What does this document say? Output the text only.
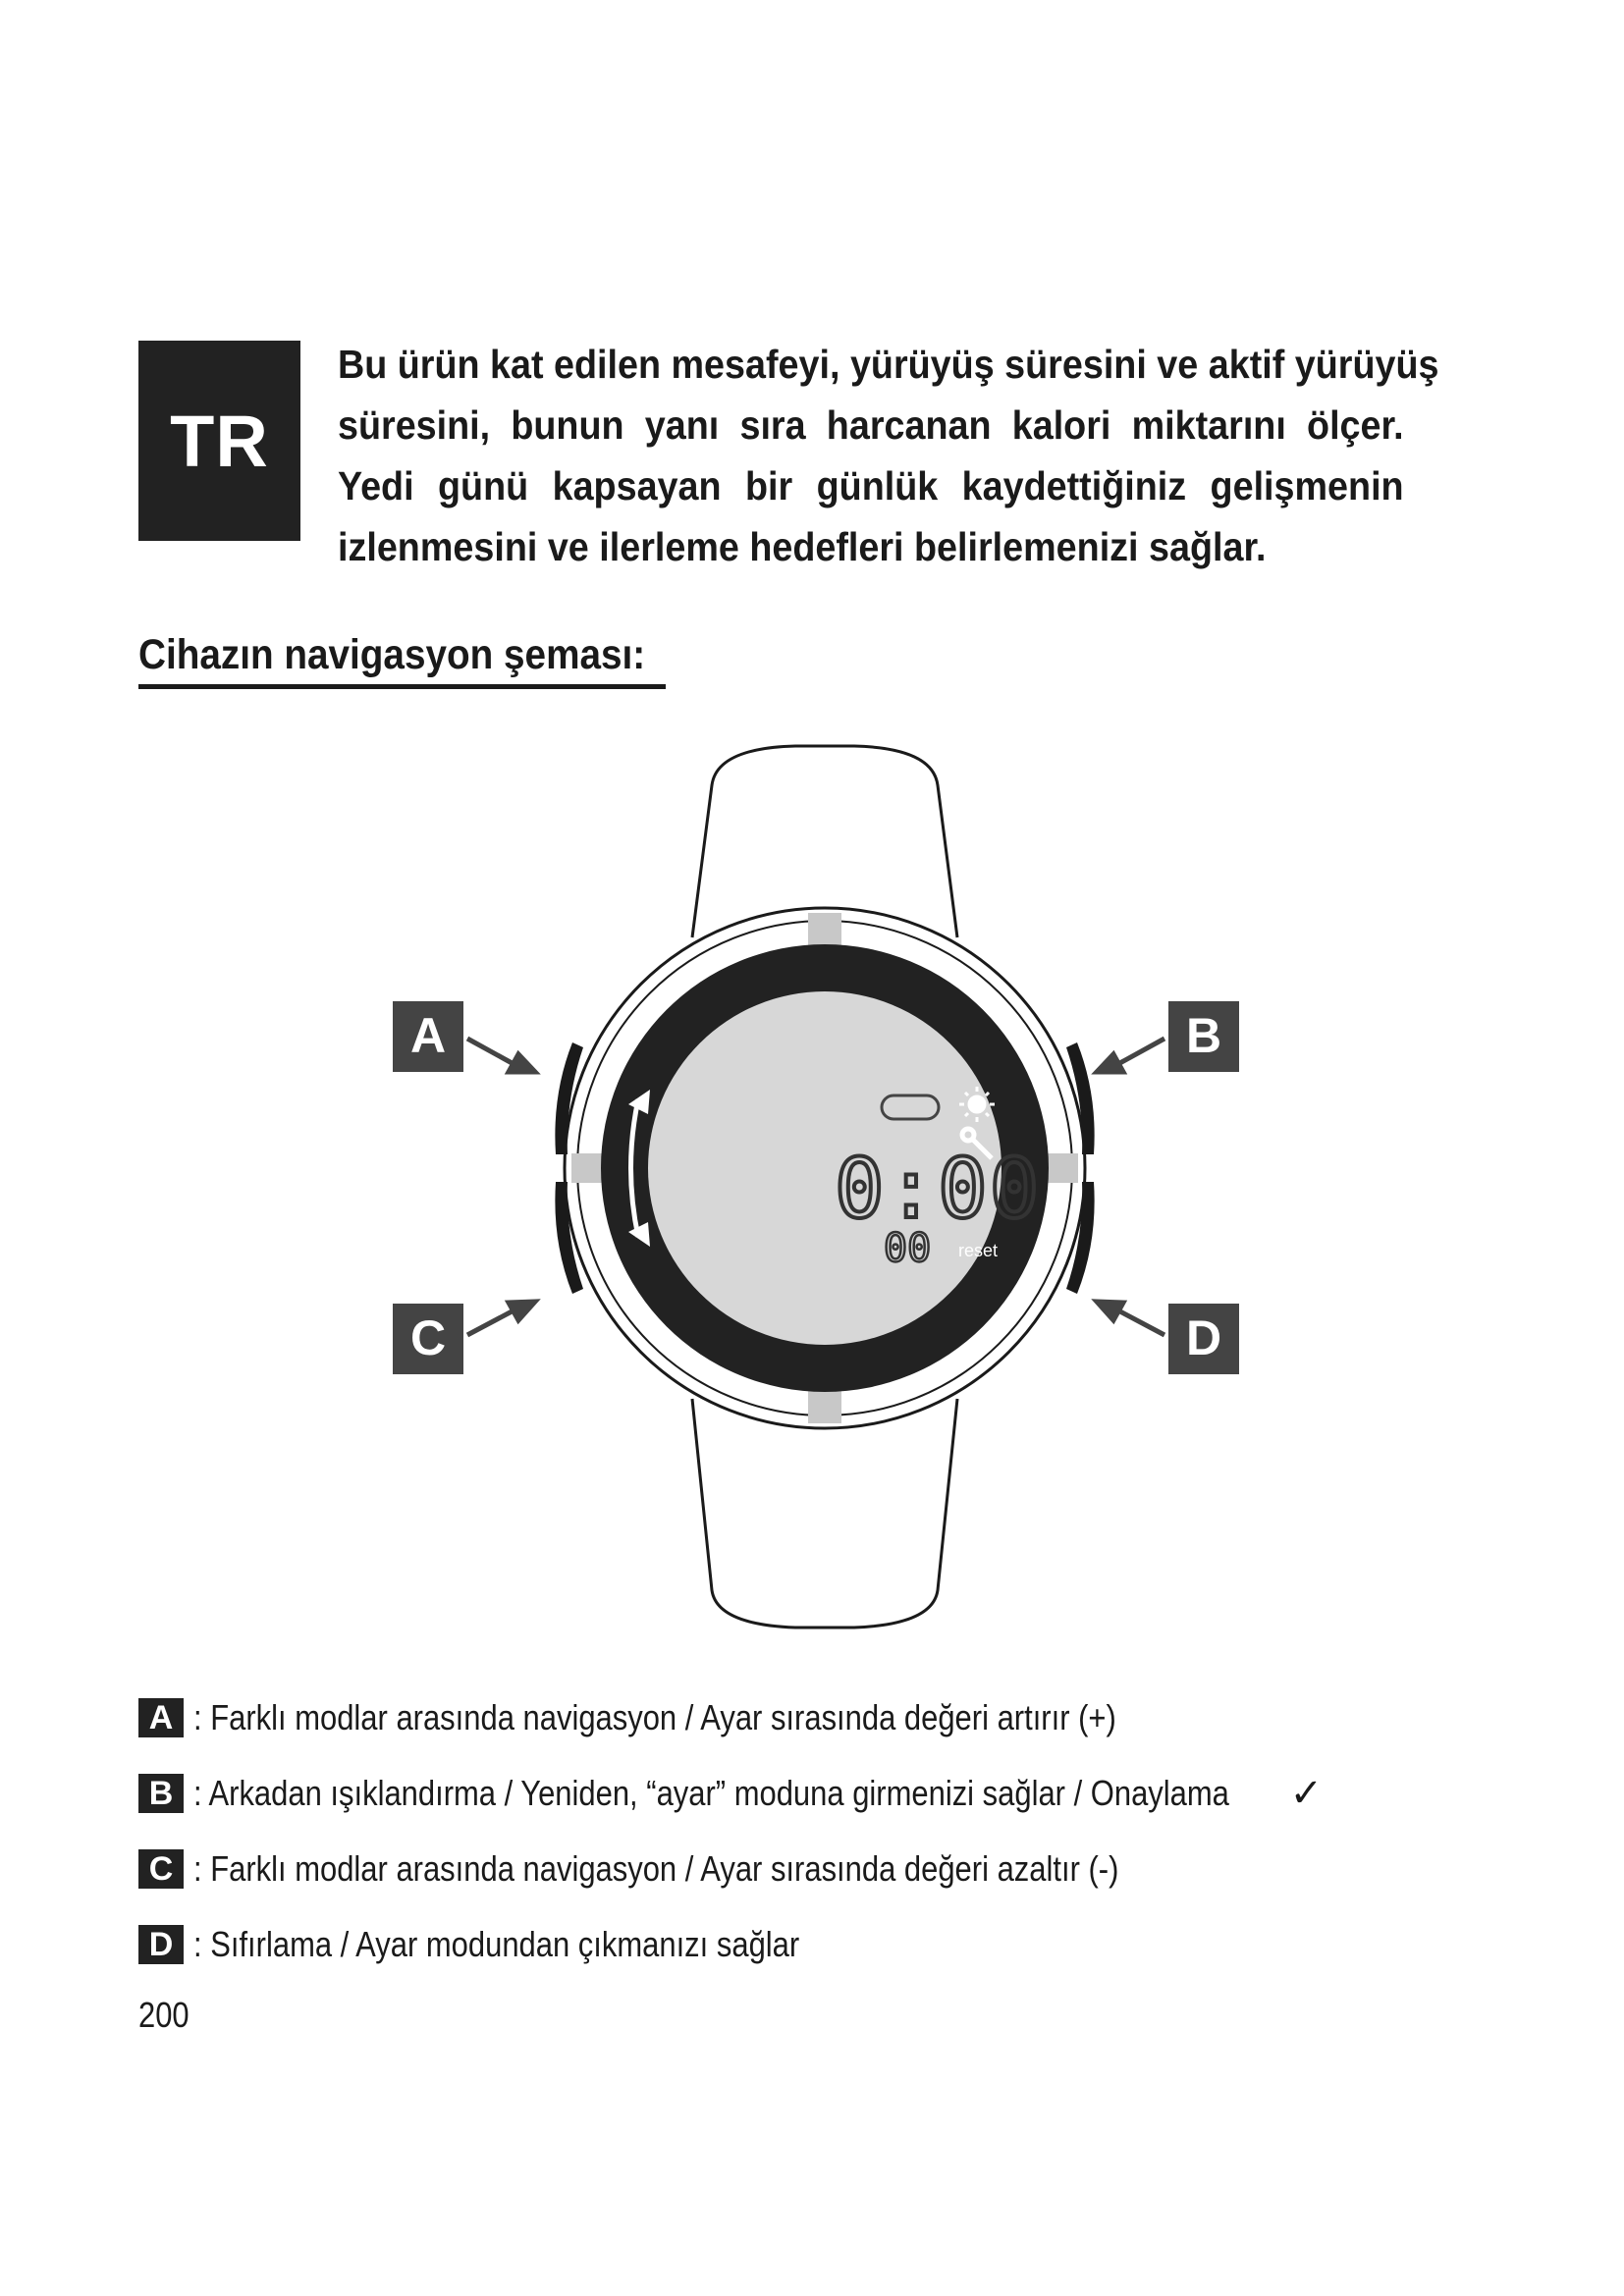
TR

Bu ürün kat edilen mesafeyi, yürüyüş süresini ve aktif yürüyüş
süresini, bunun yanı sıra harcanan kalori miktarını ölçer.
Yedi günü kapsayan bir günlük kaydettiğiniz gelişmenin
izlenmesini ve ilerleme hedefleri belirlemenizi sağlar.

Cihazın navigasyon şeması:
0:00
00 reset
A	B
C	D
A : Farklı modlar arasında navigasyon / Ayar sırasında değeri artırır (+)
B : Arkadan ışıklandırma / Yeniden, “ayar” moduna girmenizi sağlar / Onaylama ✓
C : Farklı modlar arasında navigasyon / Ayar sırasında değeri azaltır (-)
D : Sıfırlama / Ayar modundan çıkmanızı sağlar
200
